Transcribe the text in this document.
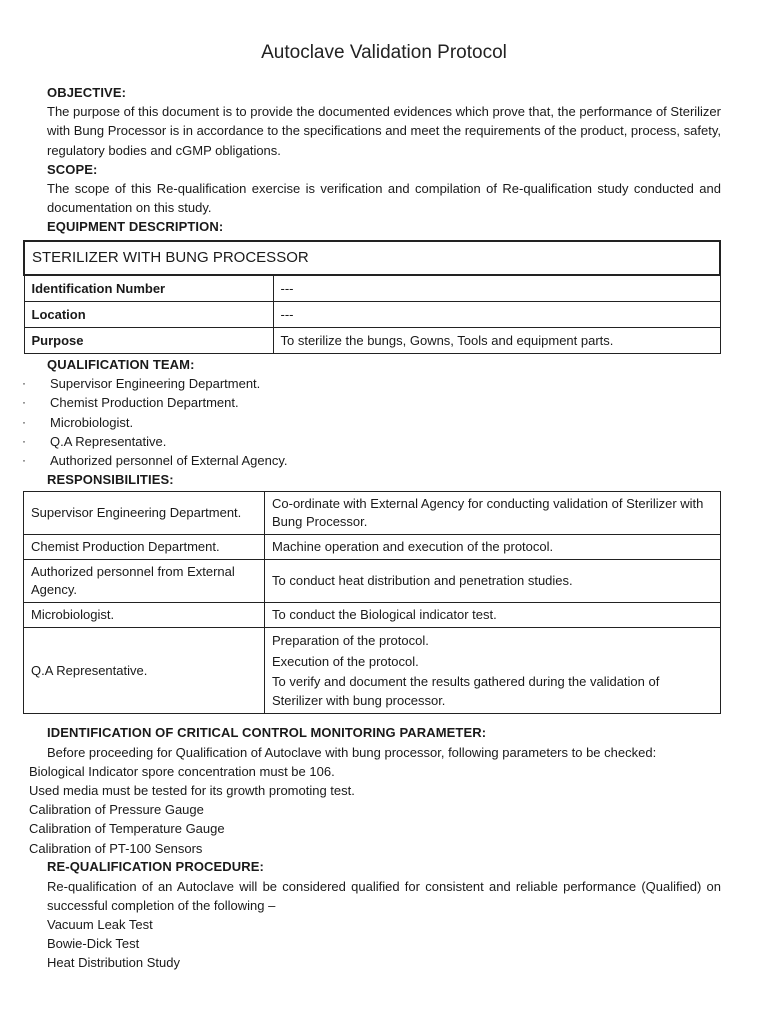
Autoclave Validation Protocol
OBJECTIVE:
The purpose of this document is to provide the documented evidences which prove that, the performance of Sterilizer with Bung Processor is in accordance to the specifications and meet the requirements of the product, process, safety, regulatory bodies and cGMP obligations.
SCOPE:
The scope of this Re-qualification exercise is verification and compilation of Re-qualification study conducted and documentation on this study.
EQUIPMENT DESCRIPTION:
STERILIZER WITH BUNG PROCESSOR	
Identification Number	---
Location	---
Purpose	To sterilize the bungs, Gowns, Tools and equipment parts.
QUALIFICATION TEAM:
· Supervisor Engineering Department.
· Chemist Production Department.
· Microbiologist.
· Q.A Representative.
· Authorized personnel of External Agency.
RESPONSIBILITIES:
Supervisor Engineering Department.	Co-ordinate with External Agency for conducting validation of Sterilizer with Bung Processor.
Chemist Production Department.	Machine operation and execution of the protocol.
Authorized personnel from External Agency.	To conduct heat distribution and penetration studies.
Microbiologist.	To conduct the Biological indicator test.
Q.A Representative.	Preparation of the protocol.
Execution of the protocol.
To verify and document the results gathered during the validation of Sterilizer with bung processor.
IDENTIFICATION OF CRITICAL CONTROL MONITORING PARAMETER:
Before proceeding for Qualification of Autoclave with bung processor, following parameters to be checked:
Biological Indicator spore concentration must be 106.
Used media must be tested for its growth promoting test.
Calibration of Pressure Gauge
Calibration of Temperature Gauge
Calibration of PT-100 Sensors
RE-QUALIFICATION PROCEDURE:
Re-qualification of an Autoclave will be considered qualified for consistent and reliable performance (Qualified) on successful completion of the following –
Vacuum Leak Test
Bowie-Dick Test
Heat Distribution Study
